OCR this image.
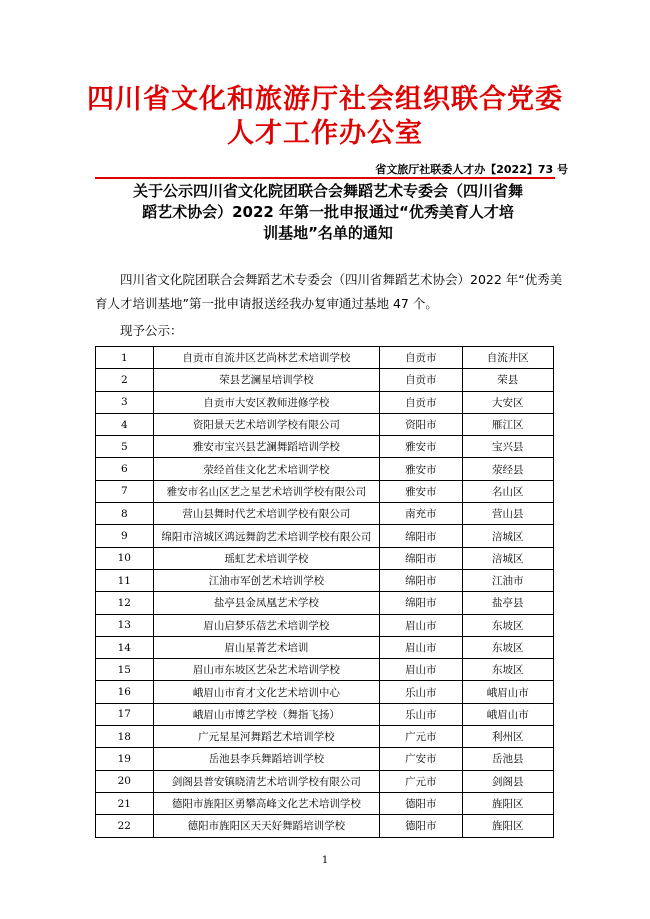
四川省文化和旅游厅社会组织联合党委
人才工作办公室
省文旅厅社联委人才办【2022】73 号
关于公示四川省文化院团联合会舞蹈艺术专委会（四川省舞
蹈艺术协会）2022 年第一批申报通过“优秀美育人才培
训基地”名单的通知
四川省文化院团联合会舞蹈艺术专委会（四川省舞蹈艺术协会）2022 年“优秀美育人才培训基地”第一批申请报送经我办复审通过基地 47 个。
现予公示：
1	自贡市自流井区艺尚林艺术培训学校	自贡市	自流井区
2	荣县艺澜星培训学校	自贡市	荣县
3	自贡市大安区教师进修学校	自贡市	大安区
4	资阳景天艺术培训学校有限公司	资阳市	雁江区
5	雅安市宝兴县艺澜舞蹈培训学校	雅安市	宝兴县
6	荥经首佳文化艺术培训学校	雅安市	荥经县
7	雅安市名山区艺之星艺术培训学校有限公司	雅安市	名山区
8	营山县舞时代艺术培训学校有限公司	南充市	营山县
9	绵阳市涪城区鸿远舞韵艺术培训学校有限公司	绵阳市	涪城区
10	瑶虹艺术培训学校	绵阳市	涪城区
11	江油市军创艺术培训学校	绵阳市	江油市
12	盐亭县金凤凰艺术学校	绵阳市	盐亭县
13	眉山启梦乐蓓艺术培训学校	眉山市	东坡区
14	眉山星菁艺术培训	眉山市	东坡区
15	眉山市东坡区艺朵艺术培训学校	眉山市	东坡区
16	峨眉山市育才文化艺术培训中心	乐山市	峨眉山市
17	峨眉山市博艺学校（舞指飞扬）	乐山市	峨眉山市
18	广元星星河舞蹈艺术培训学校	广元市	利州区
19	岳池县李兵舞蹈培训学校	广安市	岳池县
20	剑阁县普安镇晓清艺术培训学校有限公司	广元市	剑阁县
21	德阳市旌阳区勇攀高峰文化艺术培训学校	德阳市	旌阳区
22	德阳市旌阳区天天好舞蹈培训学校	德阳市	旌阳区
1
